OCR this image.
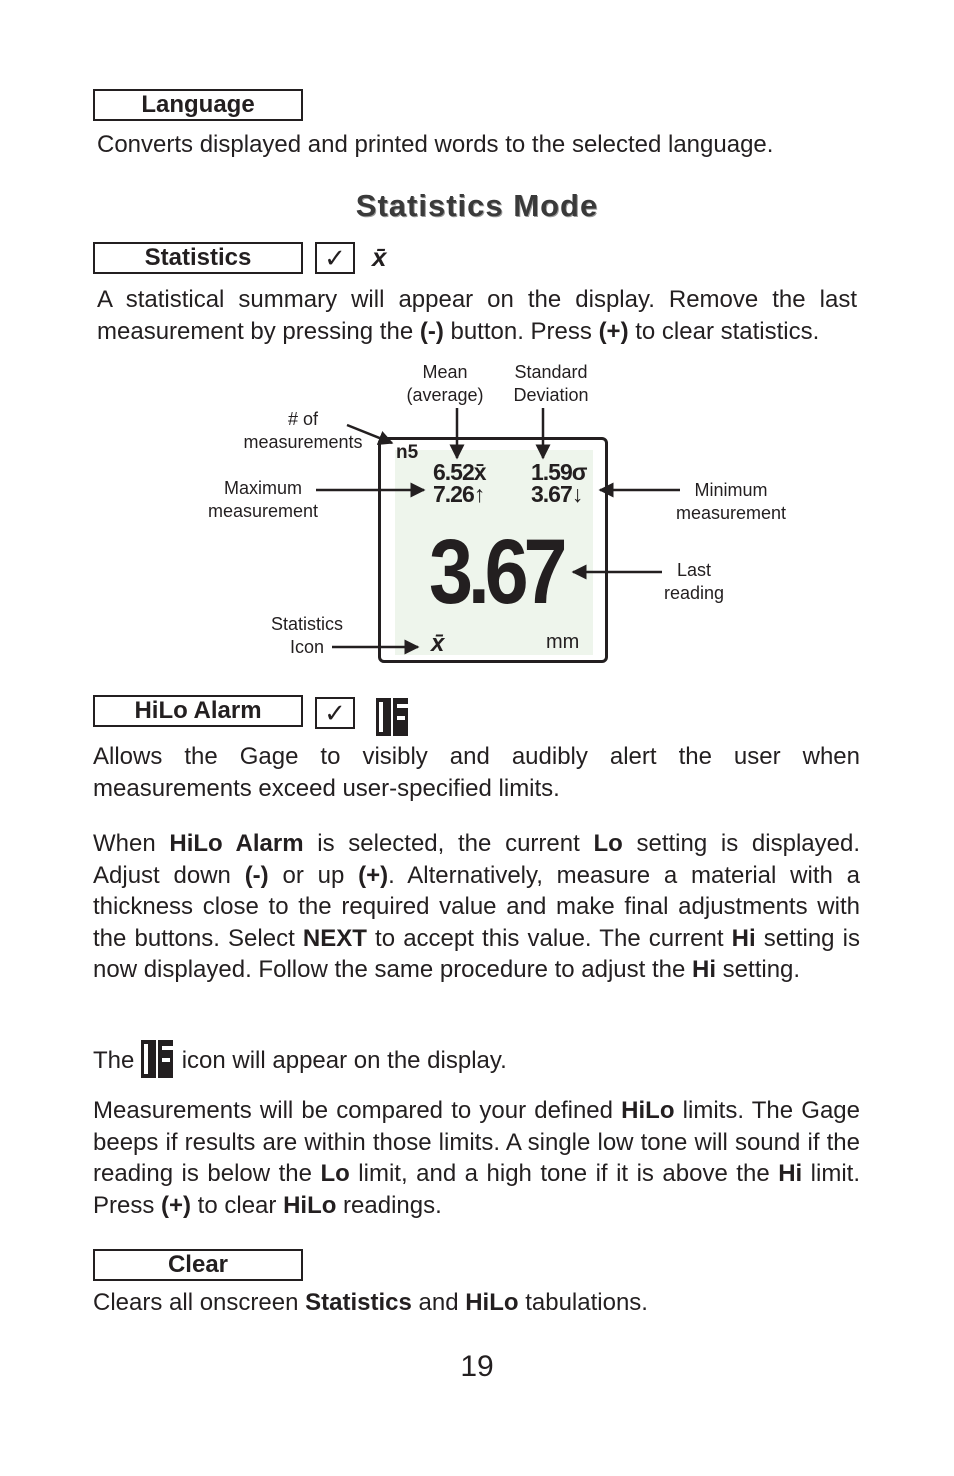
Language
Converts displayed and printed words to the selected language.
Statistics Mode
Statistics	✓	x̄
A statistical summary will appear on the display. Remove the last measurement by pressing the (-) button. Press (+) to clear statistics.
Mean
(average)
Standard
Deviation
# of
measurements
Maximum
measurement
Minimum
measurement
Last
reading
Statistics
Icon
n5
6.52x̄
7.26↑
1.59σ
3.67↓
3.67
x̄	mm
HiLo Alarm	✓
Allows the Gage to visibly and audibly alert the user when measurements exceed user-specified limits.
When HiLo Alarm is selected, the current Lo setting is displayed. Adjust down (-) or up (+). Alternatively, measure a material with a thickness close to the required value and make final adjustments with the buttons. Select NEXT to accept this value. The current Hi setting is now displayed. Follow the same procedure to adjust the Hi setting.
The  icon will appear on the display.
Measurements will be compared to your defined HiLo limits. The Gage beeps if results are within those limits. A single low tone will sound if the reading is below the Lo limit, and a high tone if it is above the Hi limit. Press (+) to clear HiLo readings.
Clear
Clears all onscreen Statistics and HiLo tabulations.
19
